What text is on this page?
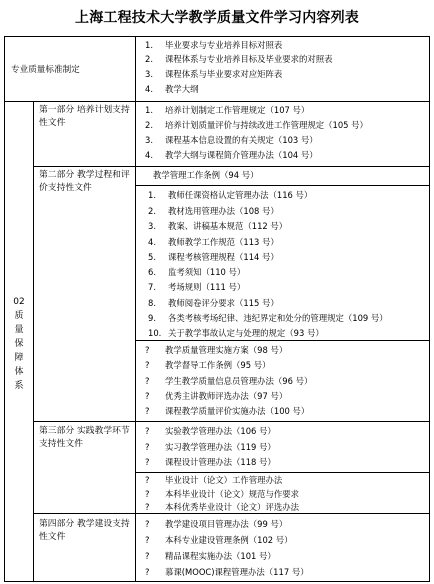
上海工程技术大学教学质量文件学习内容列表
专业质量标准制定
1. 毕业要求与专业培养目标对照表
2. 课程体系与专业培养目标及毕业要求的对照表
3. 课程体系与毕业要求对应矩阵表
4. 教学大纲
02
质
量
保
障
体
系
第一部分 培养计划支持性文件
1. 培养计划制定工作管理规定（107 号）
2. 培养计划质量评价与持续改进工作管理规定（105 号）
3. 课程基本信息设置的有关规定（103 号）
4. 教学大纲与课程简介管理办法（104 号）
第二部分 教学过程和评价支持性文件
教学管理工作条例（94 号）
1. 教师任课资格认定管理办法（116 号）
2. 教材选用管理办法（108 号）
3. 教案、讲稿基本规范（112 号）
4. 教师教学工作规范（113 号）
5. 课程考核管理规程（114 号）
6. 监考须知（110 号）
7. 考场规则（111 号）
8. 教师阅卷评分要求（115 号）
9. 各类考核考场纪律、违纪界定和处分的管理规定（109 号）
10. 关于教学事故认定与处理的规定（93 号）
? 教学质量管理实施方案（98 号）
? 教学督导工作条例（95 号）
? 学生教学质量信息员管理办法（96 号）
? 优秀主讲教师评选办法（97 号）
? 课程教学质量评价实施办法（100 号）
第三部分 实践教学环节支持性文件
? 实验教学管理办法（106 号）
? 实习教学管理办法（119 号）
? 课程设计管理办法（118 号）
? 毕业设计（论文）工作管理办法
? 本科毕业设计（论文）规范与作要求
? 本科优秀毕业设计（论文）评选办法
第四部分 教学建设支持性文件
? 教学建设项目管理办法（99 号）
? 本科专业建设管理条例（102 号）
? 精品课程实施办法（101 号）
? 慕课(MOOC)课程管理办法（117 号）
